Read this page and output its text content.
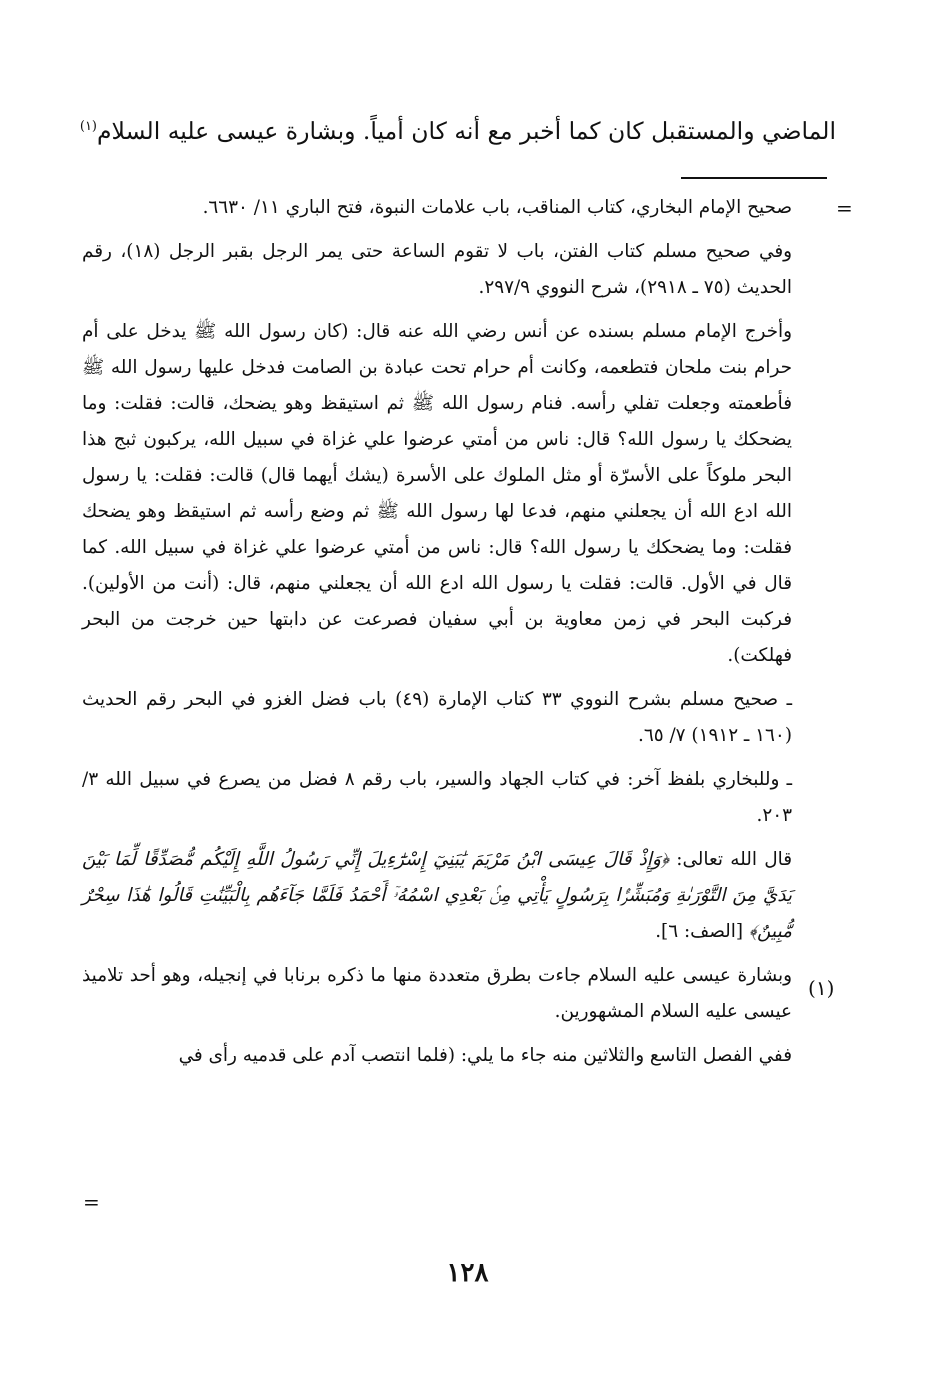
الماضي والمستقبل كان كما أخبر مع أنه كان أمياً. وبشارة عيسى عليه السلام$^{(١)}$
=
(١)
=

صحيح الإمام البخاري، كتاب المناقب، باب علامات النبوة، فتح الباري ١١/ ٦٦٣٠.

وفي صحيح مسلم كتاب الفتن، باب لا تقوم الساعة حتى يمر الرجل بقبر الرجل (١٨)، رقم الحديث (٧٥ ـ ٢٩١٨)، شرح النووي ٢٩٧/٩.

وأخرج الإمام مسلم بسنده عن أنس رضي الله عنه قال: (كان رسول الله ﷺ يدخل على أم حرام بنت ملحان فتطعمه، وكانت أم حرام تحت عبادة بن الصامت فدخل عليها رسول الله ﷺ فأطعمته وجعلت تفلي رأسه. فنام رسول الله ﷺ ثم استيقظ وهو يضحك، قالت: فقلت: وما يضحكك يا رسول الله؟ قال: ناس من أمتي عرضوا علي غزاة في سبيل الله، يركبون ثبج هذا البحر ملوكاً على الأسرّة أو مثل الملوك على الأسرة (يشك أيهما قال) قالت: فقلت: يا رسول الله ادع الله أن يجعلني منهم، فدعا لها رسول الله ﷺ ثم وضع رأسه ثم استيقظ وهو يضحك فقلت: وما يضحكك يا رسول الله؟ قال: ناس من أمتي عرضوا علي غزاة في سبيل الله. كما قال في الأول. قالت: فقلت يا رسول الله ادع الله أن يجعلني منهم، قال: (أنت من الأولين). فركبت البحر في زمن معاوية بن أبي سفيان فصرعت عن دابتها حين خرجت من البحر فهلكت).

ـ صحيح مسلم بشرح النووي ٣٣ كتاب الإمارة (٤٩) باب فضل الغزو في البحر رقم الحديث (١٦٠ ـ ١٩١٢) ٧/ ٦٥.

ـ وللبخاري بلفظ آخر: في كتاب الجهاد والسير، باب رقم ٨ فضل من يصرع في سبيل الله ٣/ ٢٠٣.

قال الله تعالى: ﴿وَإِذْ قَالَ عِيسَى ابْنُ مَرْيَمَ يَٰبَنِيٓ إِسْرَٰٓءِيلَ إِنِّي رَسُولُ اللَّهِ إِلَيْكُم مُّصَدِّقًا لِّمَا بَيْنَ يَدَيَّ مِنَ التَّوْرَىٰةِ وَمُبَشِّرًۢا بِرَسُولٍ يَأْتِي مِنۢ بَعْدِي اسْمُهُۥٓ أَحْمَدُ فَلَمَّا جَآءَهُم بِالْبَيِّنَٰتِ قَالُوا هَٰذَا سِحْرٌ مُّبِينٌ﴾ [الصف: ٦].

وبشارة عيسى عليه السلام جاءت بطرق متعددة منها ما ذكره برنابا في إنجيله، وهو أحد تلاميذ عيسى عليه السلام المشهورين.

ففي الفصل التاسع والثلاثين منه جاء ما يلي: (فلما انتصب آدم على قدميه رأى في

١٢٨
